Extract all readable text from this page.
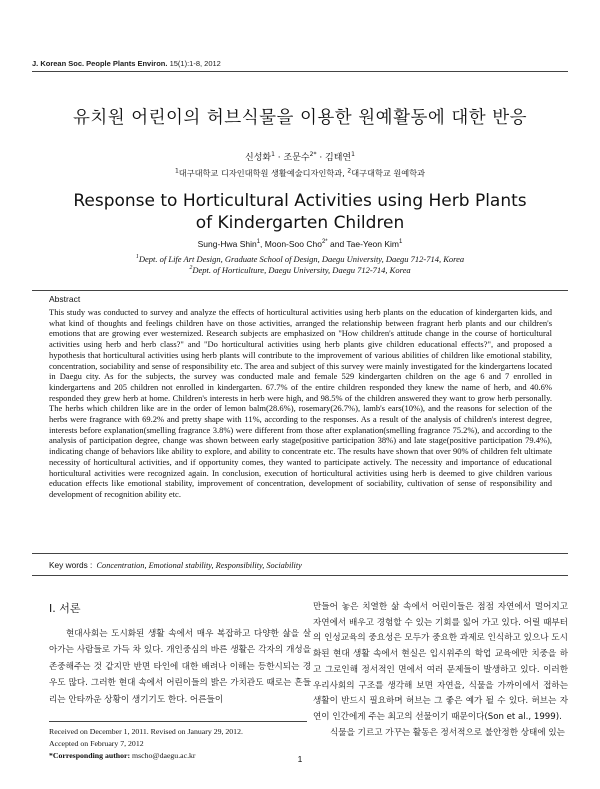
J. Korean Soc. People Plants Environ. 15(1):1-8, 2012
유치원 어린이의 허브식물을 이용한 원예활동에 대한 반응
신성화$^1$ · 조문수$^{2*}$ · 김태연$^1$
$^1$대구대학교 디자인대학원 생활예술디자인학과, $^2$대구대학교 원예학과
Response to Horticultural Activities using Herb Plants
of Kindergarten Children
Sung-Hwa Shin$^1$, Moon-Soo Cho$^{2*}$ and Tae-Yeon Kim$^1$
$^1$Dept. of Life Art Design, Graduate School of Design, Daegu University, Daegu 712-714, Korea
$^2$Dept. of Horticulture, Daegu University, Daegu 712-714, Korea
Abstract
This study was conducted to survey and analyze the effects of horticultural activities using herb plants on the education of kindergarten kids, and what kind of thoughts and feelings children have on those activities, arranged the relationship between fragrant herb plants and our children's emotions that are growing ever westernized. Research subjects are emphasized on "How children's attitude change in the course of horticultural activities using herb and herb class?" and "Do horticultural activities using herb plants give children educational effects?", and proposed a hypothesis that horticultural activities using herb plants will contribute to the improvement of various abilities of children like emotional stability, concentration, sociability and sense of responsibility etc. The area and subject of this survey were mainly investigated for the kindergartens located in Daegu city. As for the subjects, the survey was conducted male and female 529 kindergarten children on the age 6 and 7 enrolled in kindergartens and 205 children not enrolled in kindergarten. 67.7% of the entire children responded they knew the name of herb, and 40.6% responded they grew herb at home. Children's interests in herb were high, and 98.5% of the children answered they want to grow herb personally. The herbs which children like are in the order of lemon balm(28.6%), rosemary(26.7%), lamb's ears(10%), and the reasons for selection of the herbs were fragrance with 69.2% and pretty shape with 11%, according to the responses. As a result of the analysis of children's interest degree, interests before explanation(smelling fragrance 3.8%) were different from those after explanation(smelling fragrance 75.2%), and according to the analysis of participation degree, change was shown between early stage(positive participation 38%) and late stage(positive participation 79.4%), indicating change of behaviors like ability to explore, and ability to concentrate etc. The results have shown that over 90% of children felt ultimate necessity of horticultural activities, and if opportunity comes, they wanted to participate actively. The necessity and importance of educational horticultural activities were recognized again. In conclusion, execution of horticultural activities using herb is deemed to give children various education effects like emotional stability, improvement of concentration, development of sociability, cultivation of sense of responsibility and development of recognition ability etc.
Key words : Concentration, Emotional stability, Responsibility, Sociability
Ⅰ. 서론
현대사회는 도시화된 생활 속에서 매우 복잡하고 다양한 삶을 살아가는 사람들로 가득 차 있다. 개인중심의 바른 생활은 각자의 개성을 존중해주는 것 같지만 반면 타인에 대한 배려나 이해는 등한시되는 경우도 많다. 그러한 현대 속에서 어린이들의 밝은 가치관도 때로는 흔들리는 안타까운 상황이 생기기도 한다. 어른들이
만들어 놓은 치열한 삶 속에서 어린이들은 점점 자연에서 멀어지고 자연에서 배우고 경험할 수 있는 기회를 잃어 가고 있다. 어릴 때부터의 인성교육의 중요성은 모두가 중요한 과제로 인식하고 있으나 도시화된 현대 생활 속에서 현실은 입시위주의 학업 교육에만 치중을 하고 그로인해 정서적인 면에서 여러 문제들이 발생하고 있다. 이러한 우리사회의 구조를 생각해 보면 자연을, 식물을 가까이에서 접하는 생활이 반드시 필요하며 허브는 그 좋은 예가 될 수 있다. 허브는 자연이 인간에게 주는 최고의 선물이기 때문이다(Son et al., 1999).
식물을 기르고 가꾸는 활동은 정서적으로 불안정한 상태에 있는
Received on December 1, 2011. Revised on January 29, 2012.
Accepted on February 7, 2012
*Corresponding author: mscho@daegu.ac.kr	1
